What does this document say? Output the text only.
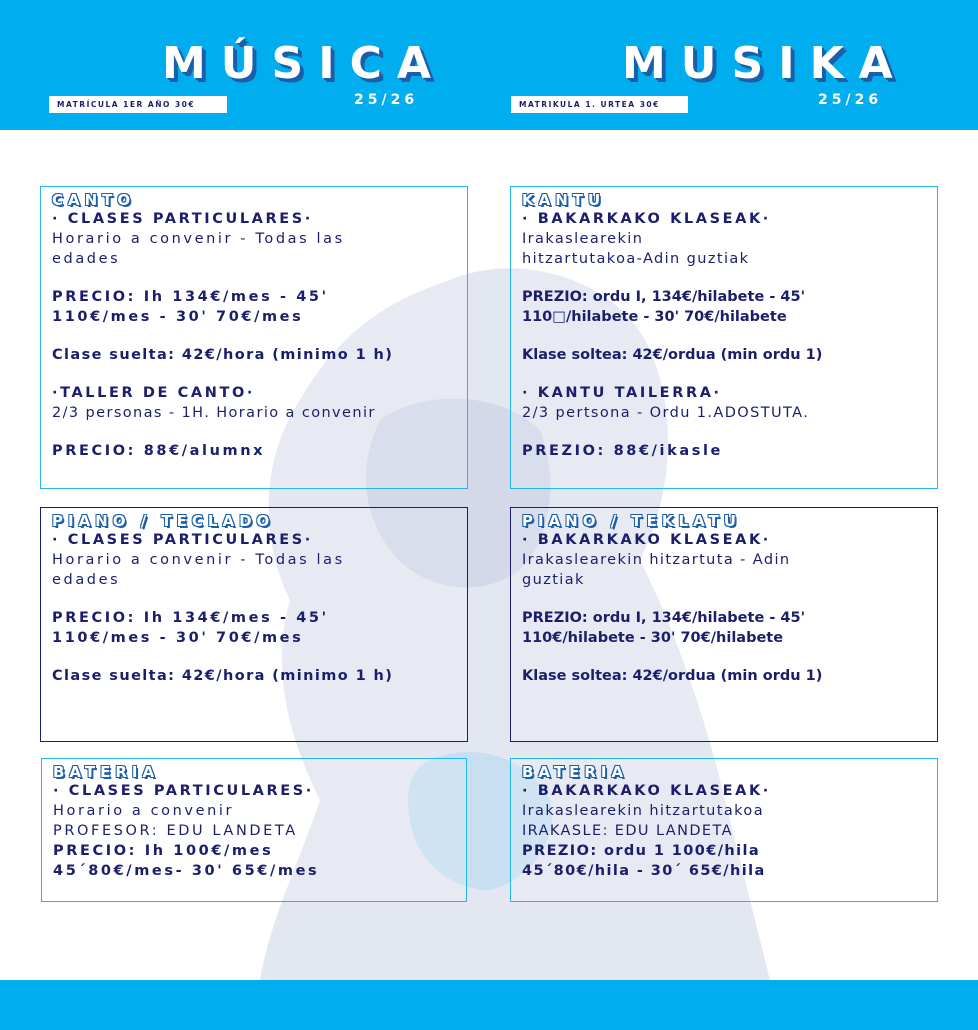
MÚSICA
25/26
MATRÍCULA 1ER AÑO 30€
MUSIKA
25/26
MATRIKULA 1. URTEA 30€
CANTO
· CLASES PARTICULARES·
Horario a convenir - Todas las
edades
PRECIO: Ih 134€/mes - 45'
110€/mes - 30' 70€/mes
Clase suelta: 42€/hora (minimo 1 h)
·TALLER DE CANTO·
2/3 personas - 1H. Horario a convenir
PRECIO: 88€/alumnx
KANTU
· BAKARKAKO KLASEAK·
Irakaslearekin
hitzartutakoa-Adin guztiak
PREZIO: ordu I, 134€/hilabete - 45'
110□/hilabete - 30' 70€/hilabete
Klase soltea: 42€/ordua (min ordu 1)
· KANTU TAILERRA·
2/3 pertsona - Ordu 1.ADOSTUTA.
PREZIO: 88€/ikasle
PIANO / TECLADO
· CLASES PARTICULARES·
Horario a convenir - Todas las
edades
PRECIO: Ih 134€/mes - 45'
110€/mes - 30' 70€/mes
Clase suelta: 42€/hora (minimo 1 h)
PIANO / TEKLATU
· BAKARKAKO KLASEAK·
Irakaslearekin hitzartuta - Adin
guztiak
PREZIO: ordu I, 134€/hilabete - 45'
110€/hilabete - 30' 70€/hilabete
Klase soltea: 42€/ordua (min ordu 1)
BATERIA
· CLASES PARTICULARES·
Horario a convenir
PROFESOR: EDU LANDETA
PRECIO: Ih 100€/mes
45´80€/mes- 30' 65€/mes
BATERIA
· BAKARKAKO KLASEAK·
Irakaslearekin hitzartutakoa
IRAKASLE: EDU LANDETA
PREZIO: ordu 1 100€/hila
45´80€/hila - 30´ 65€/hila
